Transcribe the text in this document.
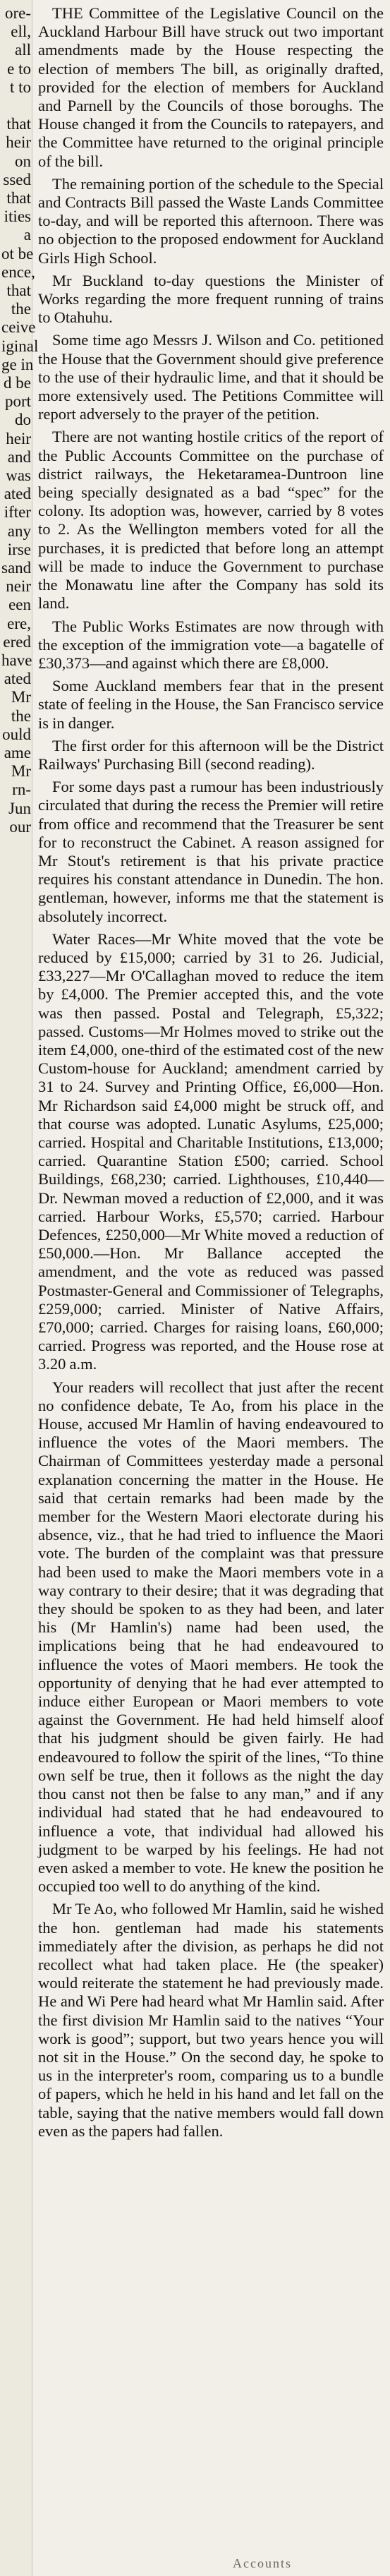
ore-
ell,
all
e to
t to
that
heir
on
ssed
that
ities
a
ot be
ence,
that
the
ceive
iginal
ge in
d be
port
do
heir
and
was
ated
ifter
any
irse
sand
neir
een
ere,
ered
have
ated
Mr
the
ould
ame
Mr
rn-
Jun
our

THE Committee of the Legislative Council on the Auckland Harbour Bill have struck out two important amendments made by the House respecting the election of members The bill, as originally drafted, provided for the election of members for Auckland and Parnell by the Councils of those boroughs. The House changed it from the Councils to ratepayers, and the Committee have returned to the original principle of the bill.

The remaining portion of the schedule to the Special and Contracts Bill passed the Waste Lands Committee to-day, and will be reported this afternoon. There was no objection to the proposed endowment for Auckland Girls High School.

Mr Buckland to-day questions the Minister of Works regarding the more frequent running of trains to Otahuhu.

Some time ago Messrs J. Wilson and Co. petitioned the House that the Government should give preference to the use of their hydraulic lime, and that it should be more extensively used. The Petitions Committee will report adversely to the prayer of the petition.

There are not wanting hostile critics of the report of the Public Accounts Committee on the purchase of district railways, the Heketaramea-Duntroon line being specially designated as a bad “spec” for the colony. Its adoption was, however, carried by 8 votes to 2. As the Wellington members voted for all the purchases, it is predicted that before long an attempt will be made to induce the Government to purchase the Monawatu line after the Company has sold its land.

The Public Works Estimates are now through with the exception of the immigration vote—a bagatelle of £30,373—and against which there are £8,000.

Some Auckland members fear that in the present state of feeling in the House, the San Francisco service is in danger.

The first order for this afternoon will be the District Railways' Purchasing Bill (second reading).

For some days past a rumour has been industriously circulated that during the recess the Premier will retire from office and recommend that the Treasurer be sent for to reconstruct the Cabinet. A reason assigned for Mr Stout's retirement is that his private practice requires his constant attendance in Dunedin. The hon. gentleman, however, informs me that the statement is absolutely incorrect.

Water Races—Mr White moved that the vote be reduced by £15,000; carried by 31 to 26. Judicial, £33,227—Mr O'Callaghan moved to reduce the item by £4,000. The Premier accepted this, and the vote was then passed. Postal and Telegraph, £5,322; passed. Customs—Mr Holmes moved to strike out the item £4,000, one-third of the estimated cost of the new Custom-house for Auckland; amendment carried by 31 to 24. Survey and Printing Office, £6,000—Hon. Mr Richardson said £4,000 might be struck off, and that course was adopted. Lunatic Asylums, £25,000; carried. Hospital and Charitable Institutions, £13,000; carried. Quarantine Station £500; carried. School Buildings, £68,230; carried. Lighthouses, £10,440—Dr. Newman moved a reduction of £2,000, and it was carried. Harbour Works, £5,570; carried. Harbour Defences, £250,000—Mr White moved a reduction of £50,000.—Hon. Mr Ballance accepted the amendment, and the vote as reduced was passed Postmaster-General and Commissioner of Telegraphs, £259,000; carried. Minister of Native Affairs, £70,000; carried. Charges for raising loans, £60,000; carried. Progress was reported, and the House rose at 3.20 a.m.

Your readers will recollect that just after the recent no confidence debate, Te Ao, from his place in the House, accused Mr Hamlin of having endeavoured to influence the votes of the Maori members. The Chairman of Committees yesterday made a personal explanation concerning the matter in the House. He said that certain remarks had been made by the member for the Western Maori electorate during his absence, viz., that he had tried to influence the Maori vote. The burden of the complaint was that pressure had been used to make the Maori members vote in a way contrary to their desire; that it was degrading that they should be spoken to as they had been, and later his (Mr Hamlin's) name had been used, the implications being that he had endeavoured to influence the votes of Maori members. He took the opportunity of denying that he had ever attempted to induce either European or Maori members to vote against the Government. He had held himself aloof that his judgment should be given fairly. He had endeavoured to follow the spirit of the lines, “To thine own self be true, then it follows as the night the day thou canst not then be false to any man,” and if any individual had stated that he had endeavoured to influence a vote, that individual had allowed his judgment to be warped by his feelings. He had not even asked a member to vote. He knew the position he occupied too well to do anything of the kind.

Mr Te Ao, who followed Mr Hamlin, said he wished the hon. gentleman had made his statements immediately after the division, as perhaps he did not recollect what had taken place. He (the speaker) would reiterate the statement he had previously made. He and Wi Pere had heard what Mr Hamlin said. After the first division Mr Hamlin said to the natives “Your work is good”; support, but two years hence you will not sit in the House.” On the second day, he spoke to us in the interpreter's room, comparing us to a bundle of papers, which he held in his hand and let fall on the table, saying that the native members would fall down even as the papers had fallen.

Accounts
